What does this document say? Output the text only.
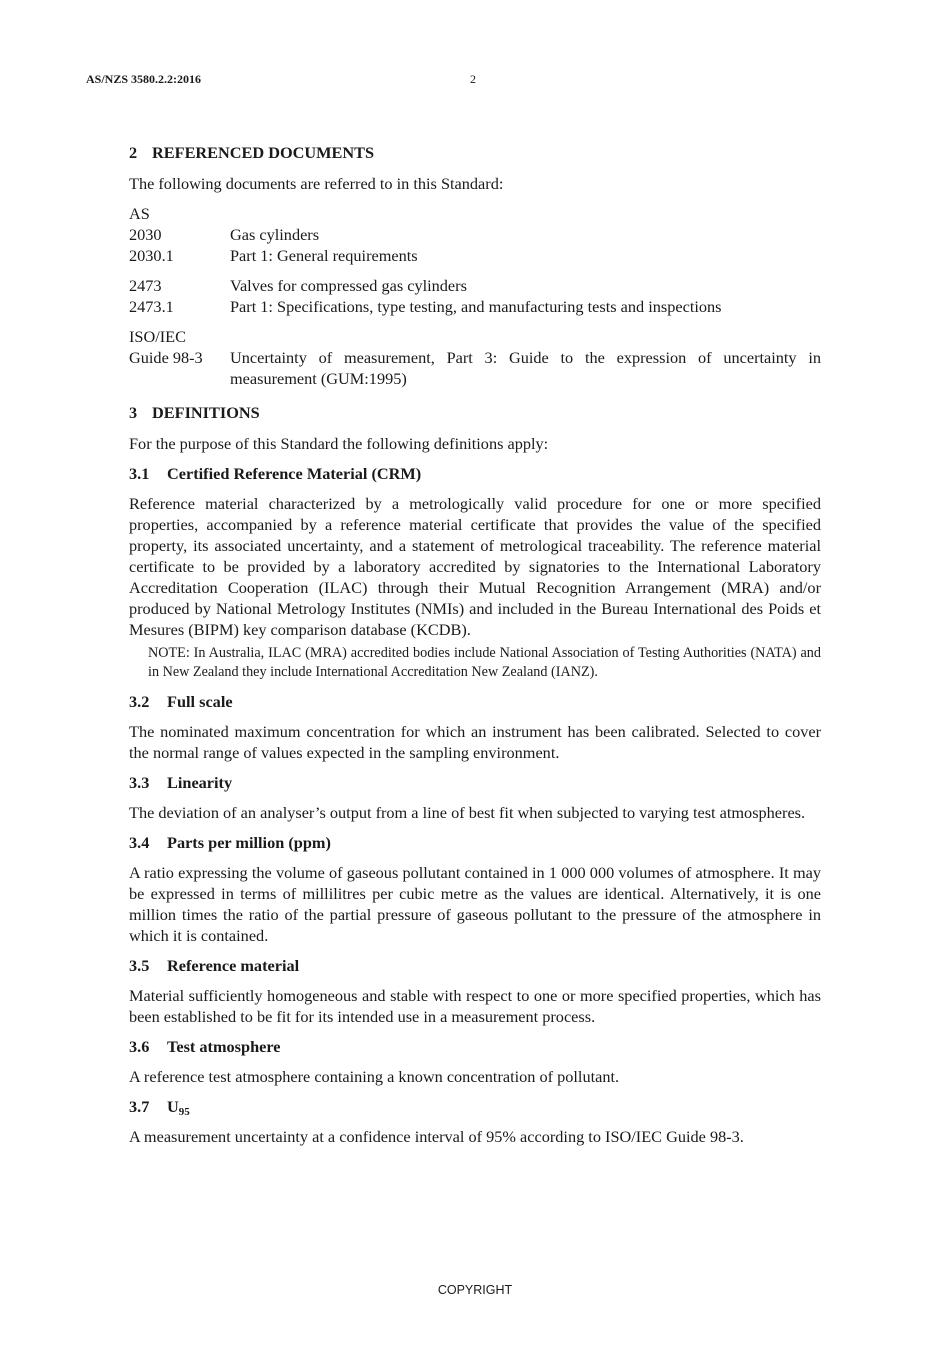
AS/NZS 3580.2.2:2016	2
2 REFERENCED DOCUMENTS

The following documents are referred to in this Standard:

AS
2030	Gas cylinders
2030.1	Part 1: General requirements
2473	Valves for compressed gas cylinders
2473.1	Part 1: Specifications, type testing, and manufacturing tests and inspections
ISO/IEC
Guide 98-3	Uncertainty of measurement, Part 3: Guide to the expression of uncertainty in measurement (GUM:1995)
3 DEFINITIONS

For the purpose of this Standard the following definitions apply:

3.1 Certified Reference Material (CRM)

Reference material characterized by a metrologically valid procedure for one or more specified properties, accompanied by a reference material certificate that provides the value of the specified property, its associated uncertainty, and a statement of metrological traceability. The reference material certificate to be provided by a laboratory accredited by signatories to the International Laboratory Accreditation Cooperation (ILAC) through their Mutual Recognition Arrangement (MRA) and/or produced by National Metrology Institutes (NMIs) and included in the Bureau International des Poids et Mesures (BIPM) key comparison database (KCDB).

NOTE: In Australia, ILAC (MRA) accredited bodies include National Association of Testing Authorities (NATA) and in New Zealand they include International Accreditation New Zealand (IANZ).
3.2 Full scale

The nominated maximum concentration for which an instrument has been calibrated. Selected to cover the normal range of values expected in the sampling environment.

3.3 Linearity

The deviation of an analyser’s output from a line of best fit when subjected to varying test atmospheres.

3.4 Parts per million (ppm)

A ratio expressing the volume of gaseous pollutant contained in 1 000 000 volumes of atmosphere. It may be expressed in terms of millilitres per cubic metre as the values are identical. Alternatively, it is one million times the ratio of the partial pressure of gaseous pollutant to the pressure of the atmosphere in which it is contained.

3.5 Reference material

Material sufficiently homogeneous and stable with respect to one or more specified properties, which has been established to be fit for its intended use in a measurement process.

3.6 Test atmosphere

A reference test atmosphere containing a known concentration of pollutant.

3.7 $U_{95}$

A measurement uncertainty at a confidence interval of 95% according to ISO/IEC Guide 98-3.

COPYRIGHT
